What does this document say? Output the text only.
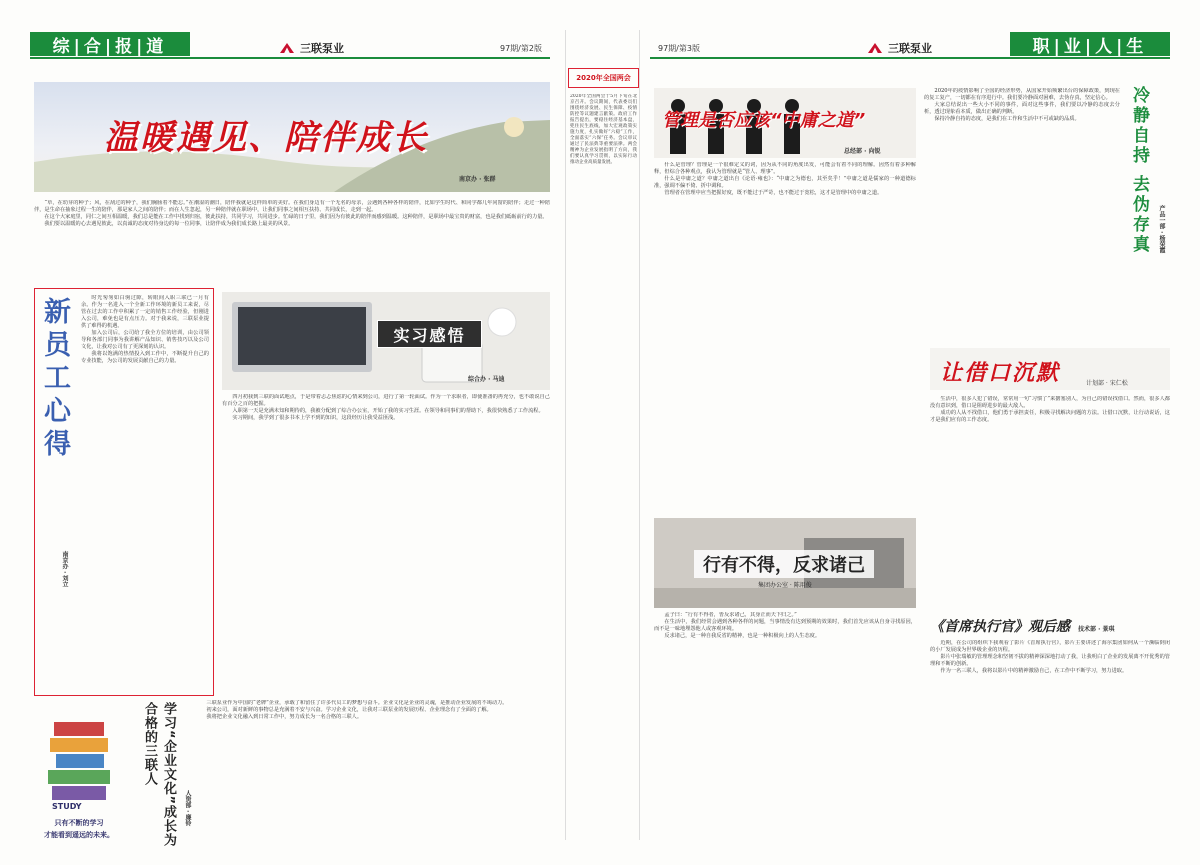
综|合|报|道	三联泵业	97期/第2版
温暖遇见、陪伴成长
南京办 · 张群

“草，在幼芽的种子；风，在刮过的种子，我们胸肠着不能忘。”在潮湿的潮日，陪伴我就是这样简单的美好。在我们身边有一个无名的母亲，会遇到各种各样的陪伴，比如学生时代、和同学都几年同窗的陪伴；走过一种陪伴，是生命在抽象过程一生的陪伴，那是家人之间的陪伴；而在人生忽起，另一种陪伴就在职场中，让我们同事之间相互扶持、共同成长，走到一起。

在这个大家庭里，同仁之间互相温暖，我们总是能在工作中找到归宿，彼此扶持，共同学习，共同进步。忙碌的日子里，我们因为有彼此的陪伴而感到温暖。这种陪伴，是职场中最宝贵的财富，也是我们砥砺前行的力量。

我们要以温暖的心去遇见彼此，以真诚的态度对待身边的每一位同事，让陪伴成为我们成长路上最美的风景。

新员工心得
南京办 · 刘立

时光匆匆如白驹过隙，转眼间入职三联已一月有余。作为一名进入一个全新工作环境的新员工来说，尽管在过去的工作中积累了一定的销售工作经验，但刚进入公司，难免也是有点压力。对于我来说，三联泵业提供了难得的机遇。

加入公司后，公司给了我全方位的培训，由公司领导和各部门同事为我讲解产品知识、销售技巧以及公司文化，让我对公司有了更深刻的认识。

我将以饱满的热情投入到工作中，不断提升自己的专业技能，为公司的发展贡献自己的力量。

实习感悟
综合办 · 马迪

四月初我到三联的面试地点，于是带着忐忑焦虑的心情来到公司，进行了第一轮面试。作为一个求职者，即使准备的再充分，也不敢说自己有百分之百的把握。

入职第一天是充满未知和期待的，我被分配到了综合办公室，开始了我的实习生涯。在领导和同事们的帮助下，我很快熟悉了工作流程。

实习期间，我学到了很多书本上学不到的知识，这段经历让我受益匪浅。

STUDY
只有不断的学习
才能看到遥远的未来。	学习“企业文化”成长为合格的三联人
人资部 · 廉铃

三联泵业作为中国的“老牌”企业，承载了和留住了许多代员工的梦想与奋斗。企业文化是企业的灵魂，是推动企业发展的不竭动力。

初来公司，面对新鲜的事物总是充满着不安与兴奋。学习企业文化，让我对三联泵业的发展历程、企业理念有了全面的了解。

我将把企业文化融入到日常工作中，努力成长为一名合格的三联人。

2020年全国两会
2020年全国两会于5月下旬在北京召开。会议期间，代表委员们围绕经济发展、民生保障、疫情防控等议题建言献策。政府工作报告提出，要稳住经济基本盘，兜住民生底线，加大宏观政策实施力度，扎实做好“六稳”工作，全面落实“六保”任务。会议审议通过了民法典等重要法律。两会精神为企业发展指明了方向，我们要认真学习贯彻，以实际行动推动企业高质量发展。
97期/第3版	三联泵业	职|业|人|生
管理是否应该“中庸之道”
总经部 · 向锐

什么是管理？管理是一个很难定义的词，因为从不同的角度出发，可能会有着不同的理解。因然有着多种解释，但综合各种观点，我认为管理就是“管人、理事”。

什么是中庸之道？中庸之道出自《论语·雍也》：“中庸之为德也，其至矣乎！”中庸之道是儒家的一种道德标准，强调不偏不倚、折中调和。

管理者在管理中应当把握好度，既不能过于严苛，也不能过于宽松，这才是管理中的中庸之道。

行有不得，反求诸己
集团办公室 · 陈用俊

孟子曰：“行有不得者，皆反求诸己，其身正而天下归之。”

在生活中，我们经常会遇到各种各样的问题，当事情没有达到预期的效果时，我们首先应该从自身寻找原因，而不是一味地埋怨他人或客观环境。

反求诸己，是一种自我反省的精神，也是一种积极向上的人生态度。

2020年的疫情影响了全国的经济形势，从国家开始频繁出台的保障政策，到现在的复工复产，一切都在有序进行中。我们要冷静面对困难，去伪存真，坚定信心。

大家总结说出一些大小不同的事件，面对这些事件，我们要以冷静的态度去分析，透过现象看本质，做出正确的判断。

保持冷静自持的态度，是我们在工作和生活中不可或缺的品质。	冷静自持 去伪存真	产品一部 · 杨荣霞
让借口沉默	计划部 · 宋仁松

生活中，很多人犯了错误，常常用一句“习惯了”来搪塞别人，为自己的错误找借口。然而，很多人都没有意识到，借口是阻碍进步的最大敌人。

成功的人从不找借口，他们勇于承担责任，积极寻找解决问题的方法。让借口沉默，让行动说话，这才是我们应有的工作态度。

《首席执行官》观后感 技术部 · 景琪

近期，在公司的组织下我观看了影片《首席执行官》，影片主要讲述了海尔集团如何从一个濒临倒闭的小厂发展成为世界级企业的历程。

影片中张瑞敏的管理理念和坚韧不拔的精神深深地打动了我，让我明白了企业的发展离不开优秀的管理和不断的创新。

作为一名三联人，我将以影片中的精神激励自己，在工作中不断学习，努力进取。
